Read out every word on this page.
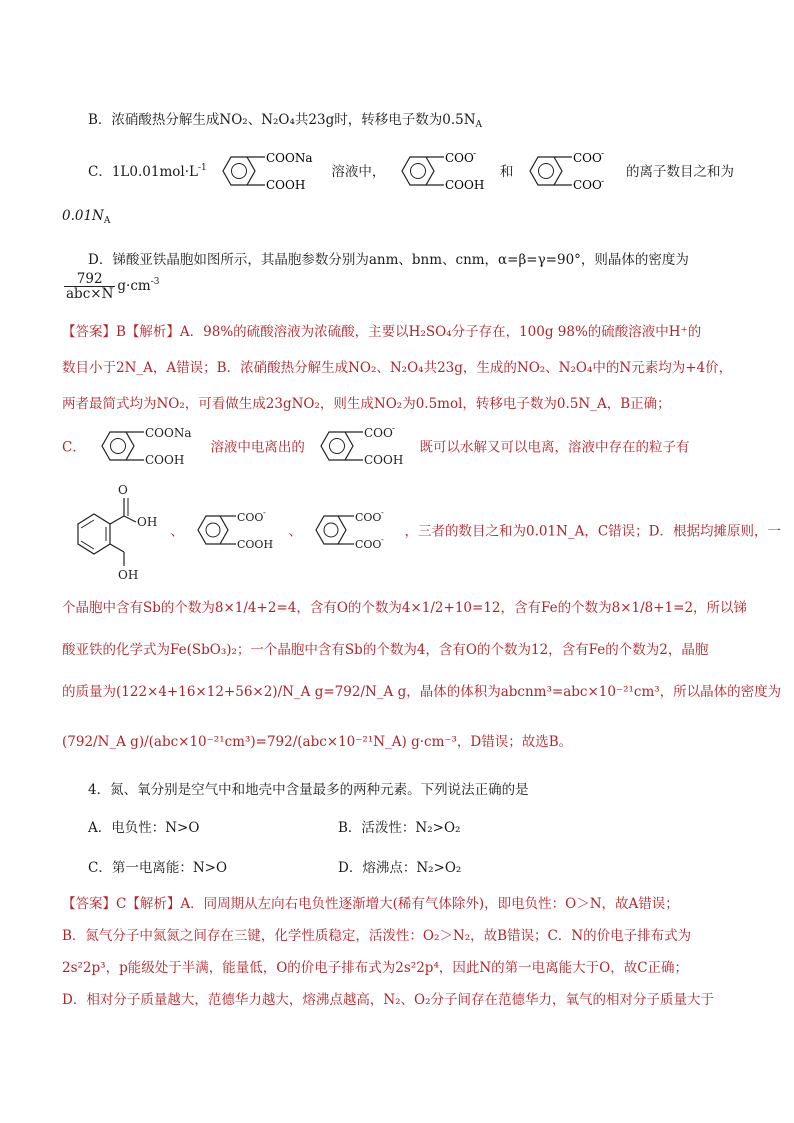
B．浓硝酸热分解生成NO₂、N₂O₄共23g时，转移电子数为$0.5N_A$
C．$1L0.01mol\cdot L^{-1}$
COONa
COOH
溶液中，
COO -
COOH
和
COO -
COO -
的离子数目之和为
$0.01N_A$
D．锑酸亚铁晶胞如图所示，其晶胞参数分别为anm、bnm、cnm，α=β=γ=90°，则晶体的密度为
$\frac{792}{\text{abc×N}} g\cdot cm^{-3}$
【答案】B【解析】A．98%的硫酸溶液为浓硫酸，主要以H₂SO₄分子存在，100g 98%的硫酸溶液中H⁺的
数目小于2N_A，A错误；B．浓硝酸热分解生成NO₂、N₂O₄共23g，生成的NO₂、N₂O₄中的N元素均为+4价，
两者最简式均为NO₂，可看做生成23gNO₂，则生成NO₂为0.5mol，转移电子数为0.5N_A，B正确；
C．
COONa
COOH
溶液中电离出的
COO -
COOH
既可以水解又可以电离，溶液中存在的粒子有
O
OH
OH
、
COO -
COOH
、
COO -
COO - ，三者的数目之和为0.01N_A，C错误；D．根据均摊原则，一
个晶胞中含有Sb的个数为8×1/4+2=4，含有O的个数为4×1/2+10=12，含有Fe的个数为8×1/8+1=2，所以锑
酸亚铁的化学式为Fe(SbO₃)₂；一个晶胞中含有Sb的个数为4，含有O的个数为12，含有Fe的个数为2，晶胞
的质量为(122×4+16×12+56×2)/N_A g=792/N_A g，晶体的体积为abcnm³=abc×10⁻²¹cm³，所以晶体的密度为
(792/N_A g)/(abc×10⁻²¹cm³)=792/(abc×10⁻²¹N_A) g·cm⁻³，D错误；故选B。
4．氮、氧分别是空气中和地壳中含量最多的两种元素。下列说法正确的是
A．电负性：N>O	B．活泼性：N₂>O₂
C．第一电离能：N>O	D．熔沸点：N₂>O₂
【答案】C【解析】A．同周期从左向右电负性逐渐增大(稀有气体除外)，即电负性：O＞N，故A错误；
B．氮气分子中氮氮之间存在三键，化学性质稳定，活泼性：O₂＞N₂，故B错误；C．N的价电子排布式为
2s²2p³，p能级处于半满，能量低，O的价电子排布式为2s²2p⁴，因此N的第一电离能大于O，故C正确；
D．相对分子质量越大，范德华力越大，熔沸点越高，N₂、O₂分子间存在范德华力，氧气的相对分子质量大于
